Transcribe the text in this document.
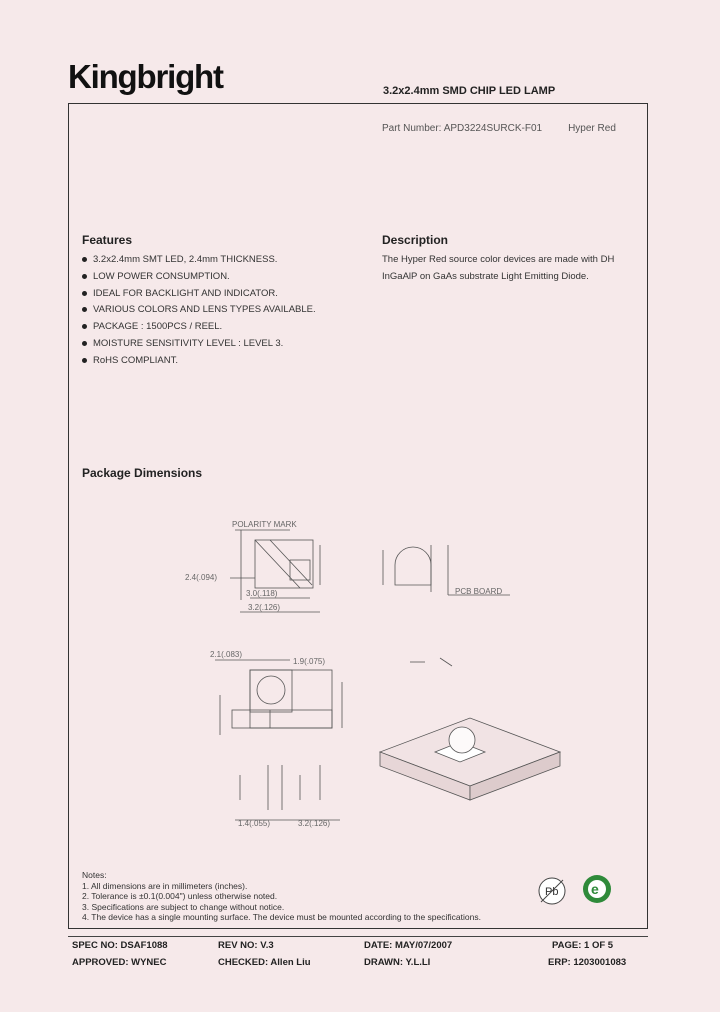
Kingbright	3.2x2.4mm SMD CHIP LED LAMP
Part Number: APD3224SURCK-F01	Hyper Red
Features
3.2x2.4mm SMT LED, 2.4mm THICKNESS.
LOW POWER CONSUMPTION.
IDEAL FOR BACKLIGHT AND INDICATOR.
VARIOUS COLORS AND LENS TYPES AVAILABLE.
PACKAGE : 1500PCS / REEL.
MOISTURE SENSITIVITY LEVEL : LEVEL 3.
RoHS COMPLIANT.
Description
The Hyper Red source color devices are made with DH
InGaAlP on GaAs substrate Light Emitting Diode.
Package Dimensions
POLARITY MARK
3.0(.118)
3.2(.126)
2.4(.094)
PCB BOARD
2.1(.083)
1.9(.075)
1.4(.055)	3.2(.126)
Pb e
Notes:
1. All dimensions are in millimeters (inches).
2. Tolerance is ±0.1(0.004") unless otherwise noted.
3. Specifications are subject to change without notice.
4. The device has a single mounting surface. The device must be mounted according to the specifications.
SPEC NO: DSAF1088	REV NO: V.3	DATE: MAY/07/2007	PAGE: 1 OF 5
APPROVED: WYNEC	CHECKED: Allen Liu	DRAWN: Y.L.LI	ERP: 1203001083
